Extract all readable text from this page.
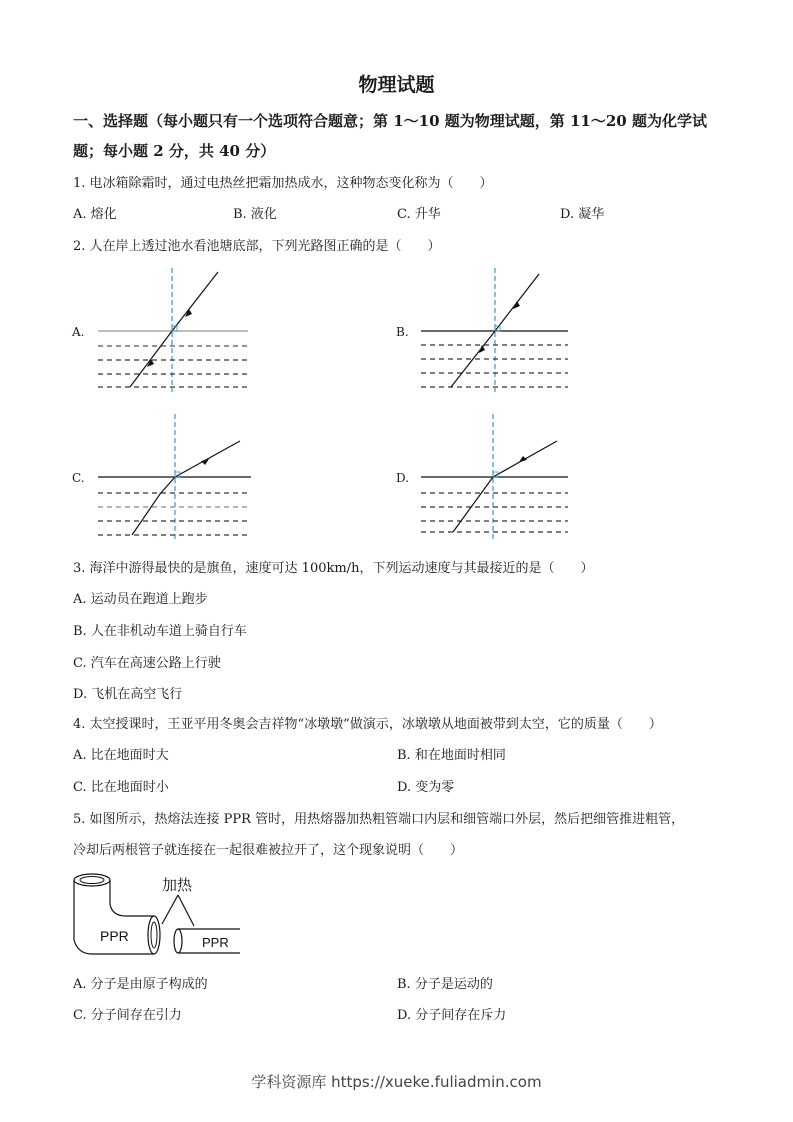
物理试题
一、选择题（每小题只有一个选项符合题意；第 1～10 题为物理试题，第 11～20 题为化学试
题；每小题 2 分，共 40 分）
1. 电冰箱除霜时，通过电热丝把霜加热成水，这种物态变化称为（　　）
A. 熔化	B. 液化	C. 升华	D. 凝华
2. 人在岸上透过池水看池塘底部，下列光路图正确的是（　　）
A.	B.
C.	D.
3. 海洋中游得最快的是旗鱼，速度可达 100km/h，下列运动速度与其最接近的是（　　）
A. 运动员在跑道上跑步
B. 人在非机动车道上骑自行车
C. 汽车在高速公路上行驶
D. 飞机在高空飞行
4. 太空授课时，王亚平用冬奥会吉祥物“冰墩墩”做演示，冰墩墩从地面被带到太空，它的质量（　　）
A. 比在地面时大	B. 和在地面时相同
C. 比在地面时小	D. 变为零
5. 如图所示，热熔法连接 PPR 管时，用热熔器加热粗管端口内层和细管端口外层，然后把细管推进粗管，
冷却后两根管子就连接在一起很难被拉开了，这个现象说明（　　）
PPR	PPR
加热
A. 分子是由原子构成的	B. 分子是运动的
C. 分子间存在引力	D. 分子间存在斥力
学科资源库 https://xueke.fuliadmin.com
